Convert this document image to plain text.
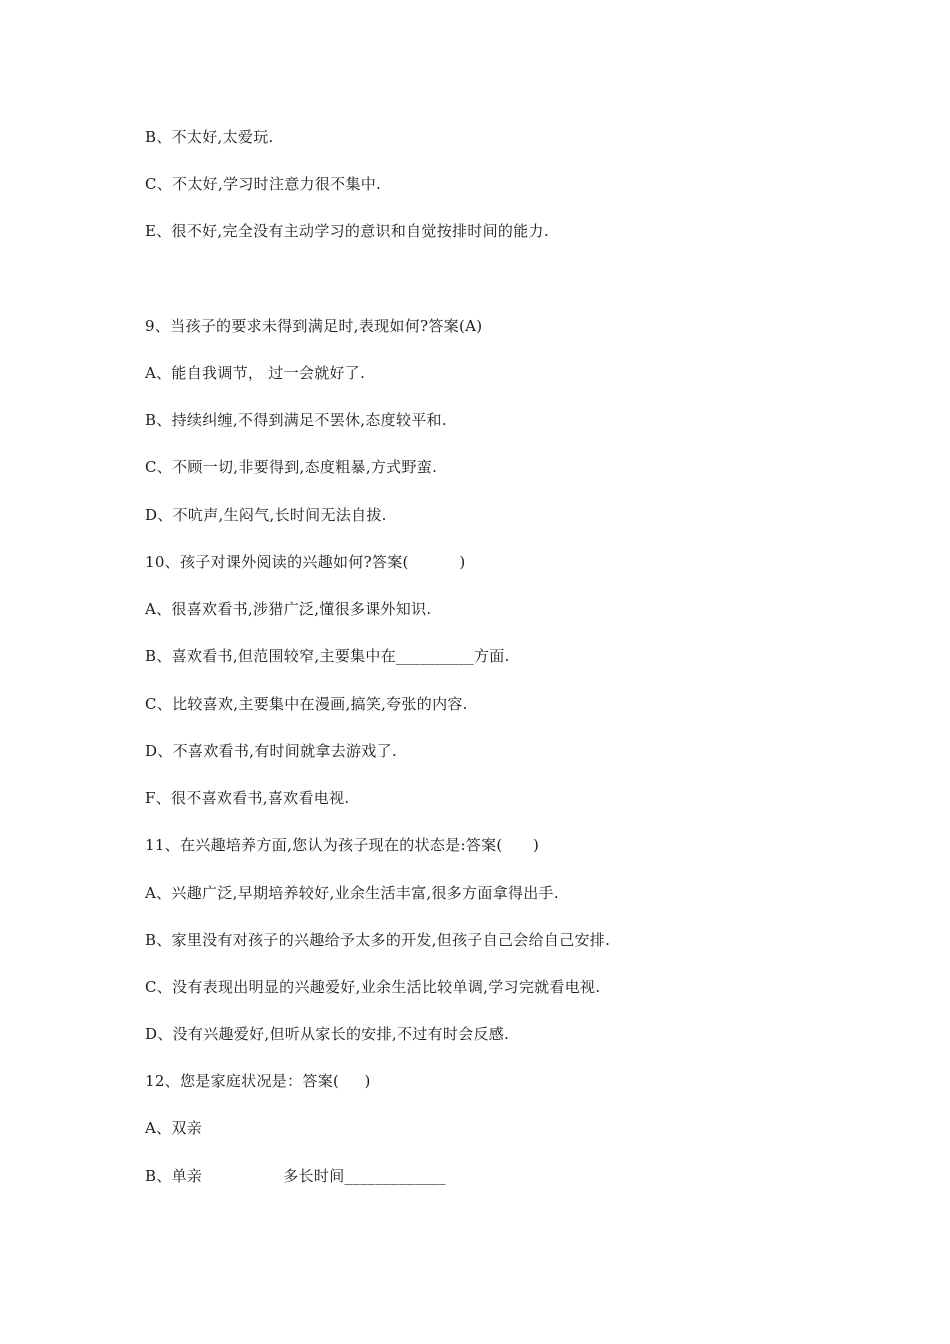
B、不太好,太爱玩.
C、不太好,学习时注意力很不集中.
E、很不好,完全没有主动学习的意识和自觉按排时间的能力.
9、当孩子的要求未得到满足时,表现如何?答案(A)
A、能自我调节， 过一会就好了.
B、持续纠缠,不得到满足不罢休,态度较平和.
C、不顾一切,非要得到,态度粗暴,方式野蛮.
D、不吭声,生闷气,长时间无法自拔.
10、孩子对课外阅读的兴趣如何?答案(          )
A、很喜欢看书,涉猎广泛,懂很多课外知识.
B、喜欢看书,但范围较窄,主要集中在__________方面.
C、比较喜欢,主要集中在漫画,搞笑,夸张的内容.
D、不喜欢看书,有时间就拿去游戏了.
F、很不喜欢看书,喜欢看电视.
11、在兴趣培养方面,您认为孩子现在的状态是:答案(      )
A、兴趣广泛,早期培养较好,业余生活丰富,很多方面拿得出手.
B、家里没有对孩子的兴趣给予太多的开发,但孩子自己会给自己安排.
C、没有表现出明显的兴趣爱好,业余生活比较单调,学习完就看电视.
D、没有兴趣爱好,但听从家长的安排,不过有时会反感.
12、您是家庭状况是：答案(     )
A、双亲
B、单亲                多长时间_____________
